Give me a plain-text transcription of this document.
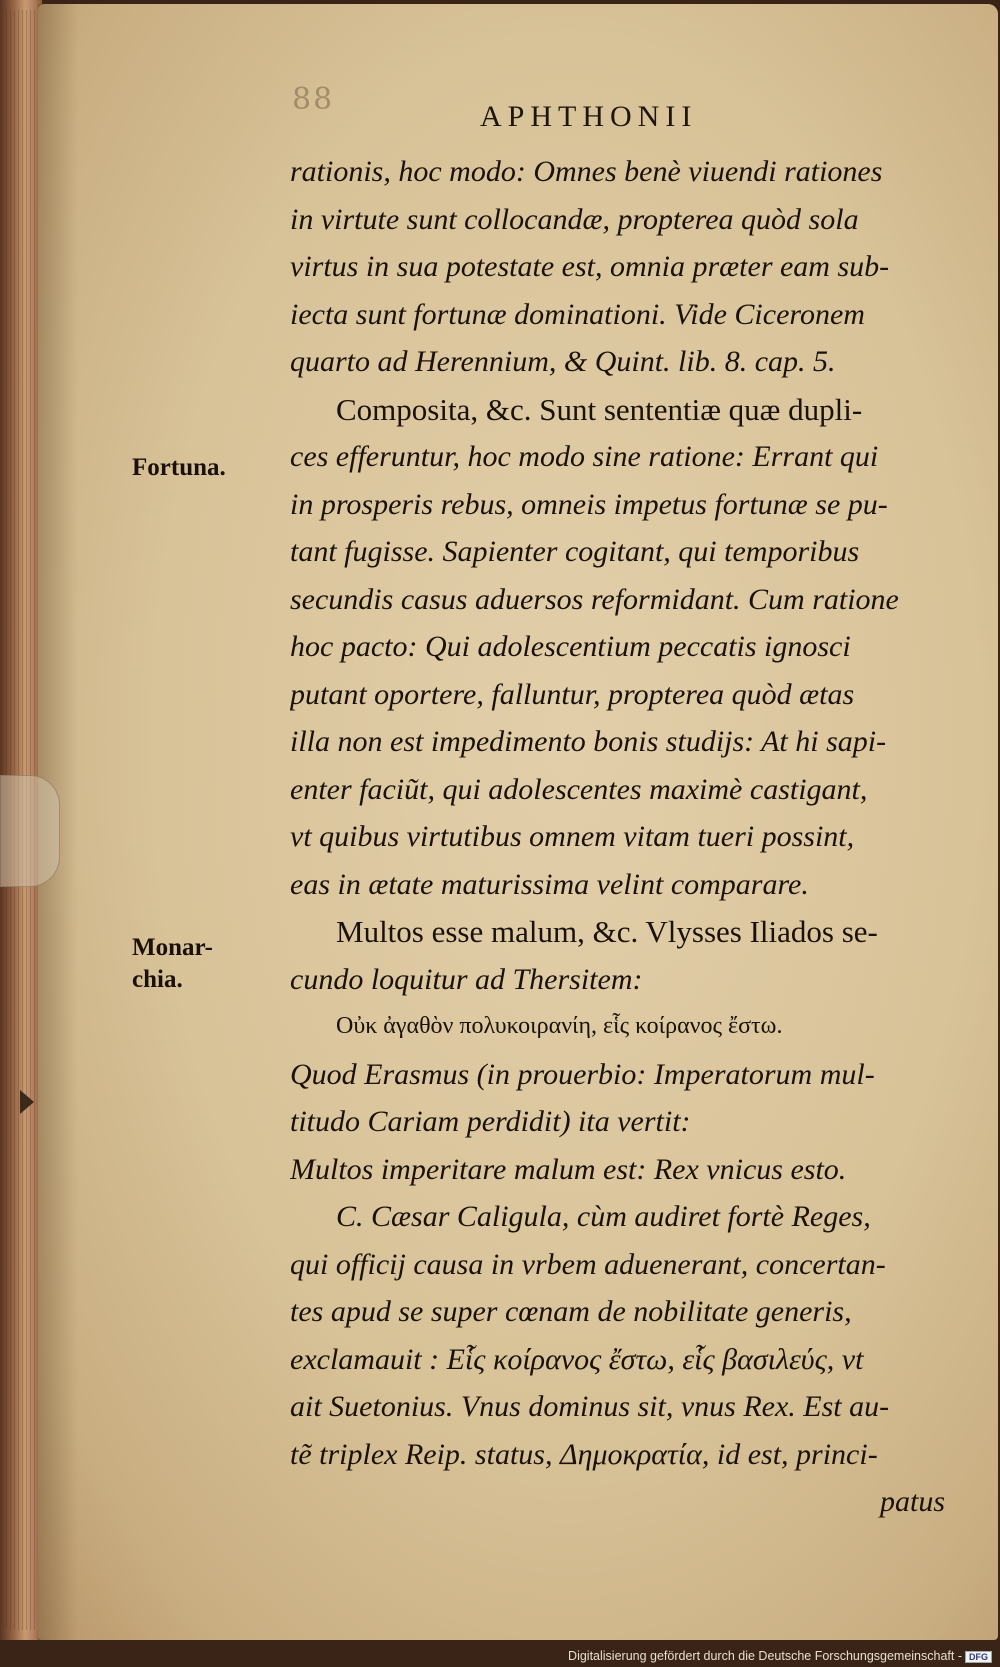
88	APHTHONII
Fortuna.
Monar-
chia.
rationis, hoc modo: Omnes benè viuendi rationes
in virtute sunt collocandæ, propterea quòd sola
virtus in sua potestate est, omnia præter eam sub-
iecta sunt fortunæ dominationi. Vide Ciceronem
quarto ad Herennium, & Quint. lib. 8. cap. 5.
Composita, &c. Sunt sententiæ quæ dupli-
ces efferuntur, hoc modo sine ratione: Errant qui
in prosperis rebus, omneis impetus fortunæ se pu-
tant fugisse. Sapienter cogitant, qui temporibus
secundis casus aduersos reformidant. Cum ratione
hoc pacto: Qui adolescentium peccatis ignosci
putant oportere, falluntur, propterea quòd ætas
illa non est impedimento bonis studijs: At hi sapi-
enter faciũt, qui adolescentes maximè castigant,
vt quibus virtutibus omnem vitam tueri possint,
eas in ætate maturissima velint comparare.
Multos esse malum, &c. Vlysses Iliados se-
cundo loquitur ad Thersitem:
Οὐκ ἀγαθὸν πολυκοιρανίη, εἷς κοίρανος ἔστω.
Quod Erasmus (in prouerbio: Imperatorum mul-
titudo Cariam perdidit) ita vertit:
Multos imperitare malum est: Rex vnicus esto.
C. Cæsar Caligula, cùm audiret fortè Reges,
qui officij causa in vrbem aduenerant, concertan-
tes apud se super cœnam de nobilitate generis,
exclamauit : Εἷς κοίρανος ἔστω, εἷς βασιλεύς, vt
ait Suetonius. Vnus dominus sit, vnus Rex. Est au-
tẽ triplex Reip. status, Δημοκρατία, id est, princi-
patus
Digitalisierung gefördert durch die Deutsche Forschungsgemeinschaft - DFG
